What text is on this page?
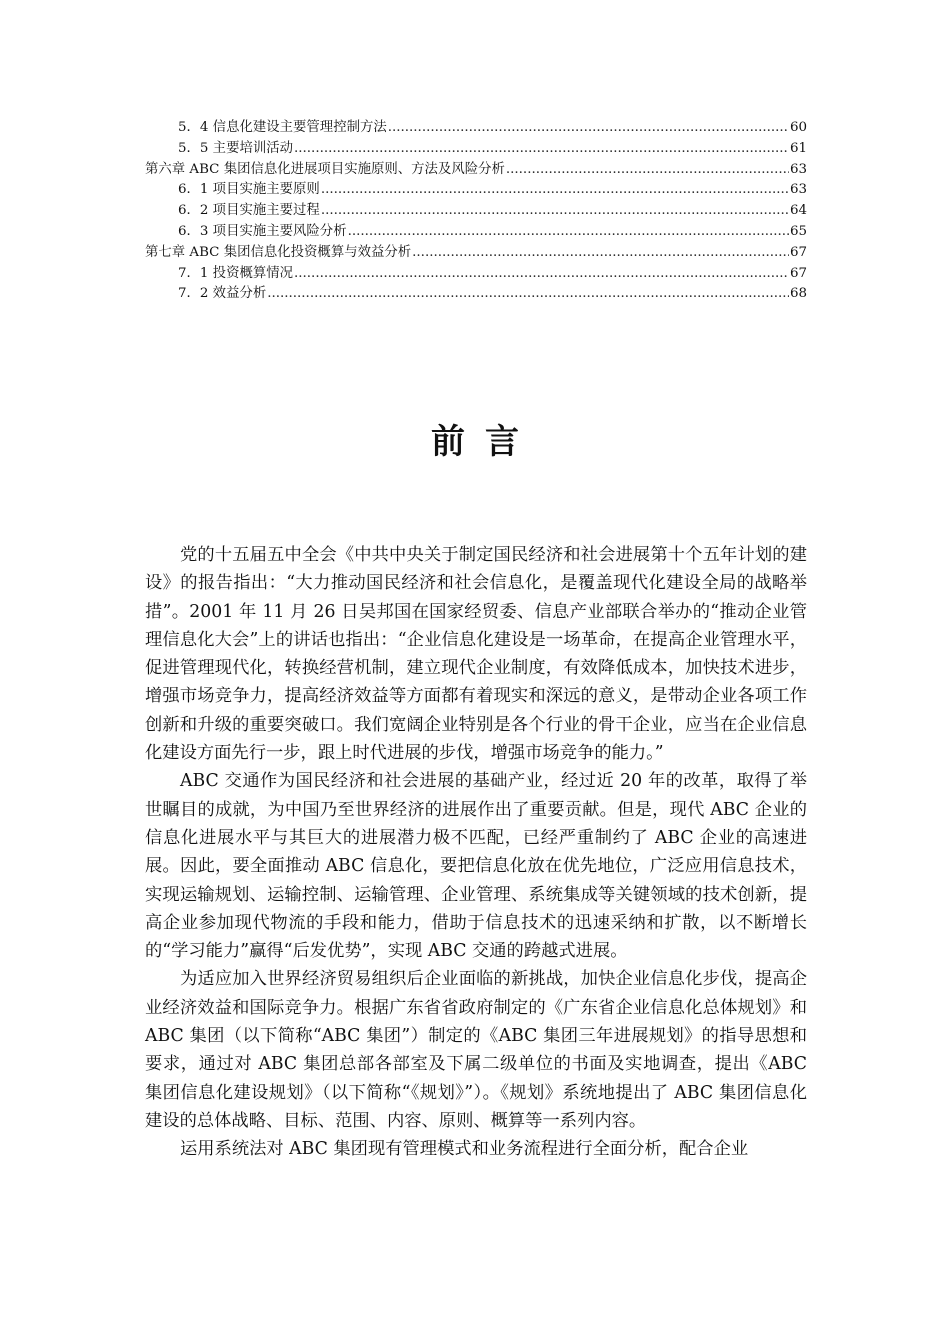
5．4 信息化建设主要管理控制方法 .....	60
5．5 主要培训活动 .....	61
第六章 ABC 集团信息化进展项目实施原则、方法及风险分析 .....	63
6．1 项目实施主要原则 .....	63
6．2 项目实施主要过程 .....	64
6．3 项目实施主要风险分析 .....	65
第七章 ABC 集团信息化投资概算与效益分析 .....	67
7．1 投资概算情况 .....	67
7．2 效益分析 .....	68
前言

党的十五届五中全会《中共中央关于制定国民经济和社会进展第十个五年计划的建设》的报告指出：“大力推动国民经济和社会信息化，是覆盖现代化建设全局的战略举措”。2001 年 11 月 26 日吴邦国在国家经贸委、信息产业部联合举办的“推动企业管理信息化大会”上的讲话也指出：“企业信息化建设是一场革命，在提高企业管理水平，促进管理现代化，转换经营机制，建立现代企业制度，有效降低成本，加快技术进步，增强市场竞争力，提高经济效益等方面都有着现实和深远的意义，是带动企业各项工作创新和升级的重要突破口。我们宽阔企业特别是各个行业的骨干企业，应当在企业信息化建设方面先行一步，跟上时代进展的步伐，增强市场竞争的能力。”

ABC 交通作为国民经济和社会进展的基础产业，经过近 20 年的改革，取得了举世瞩目的成就，为中国乃至世界经济的进展作出了重要贡献。但是，现代 ABC 企业的信息化进展水平与其巨大的进展潜力极不匹配，已经严重制约了 ABC 企业的高速进展。因此，要全面推动 ABC 信息化，要把信息化放在优先地位，广泛应用信息技术，实现运输规划、运输控制、运输管理、企业管理、系统集成等关键领域的技术创新，提高企业参加现代物流的手段和能力，借助于信息技术的迅速采纳和扩散，以不断增长的“学习能力”赢得“后发优势”，实现 ABC 交通的跨越式进展。

为适应加入世界经济贸易组织后企业面临的新挑战，加快企业信息化步伐，提高企业经济效益和国际竞争力。根据广东省省政府制定的《广东省企业信息化总体规划》和 ABC 集团（以下简称“ABC 集团”）制定的《ABC 集团三年进展规划》的指导思想和要求，通过对 ABC 集团总部各部室及下属二级单位的书面及实地调查，提出《ABC 集团信息化建设规划》（以下简称“《规划》”）。《规划》系统地提出了 ABC 集团信息化建设的总体战略、目标、范围、内容、原则、概算等一系列内容。

运用系统法对 ABC 集团现有管理模式和业务流程进行全面分析，配合企业
